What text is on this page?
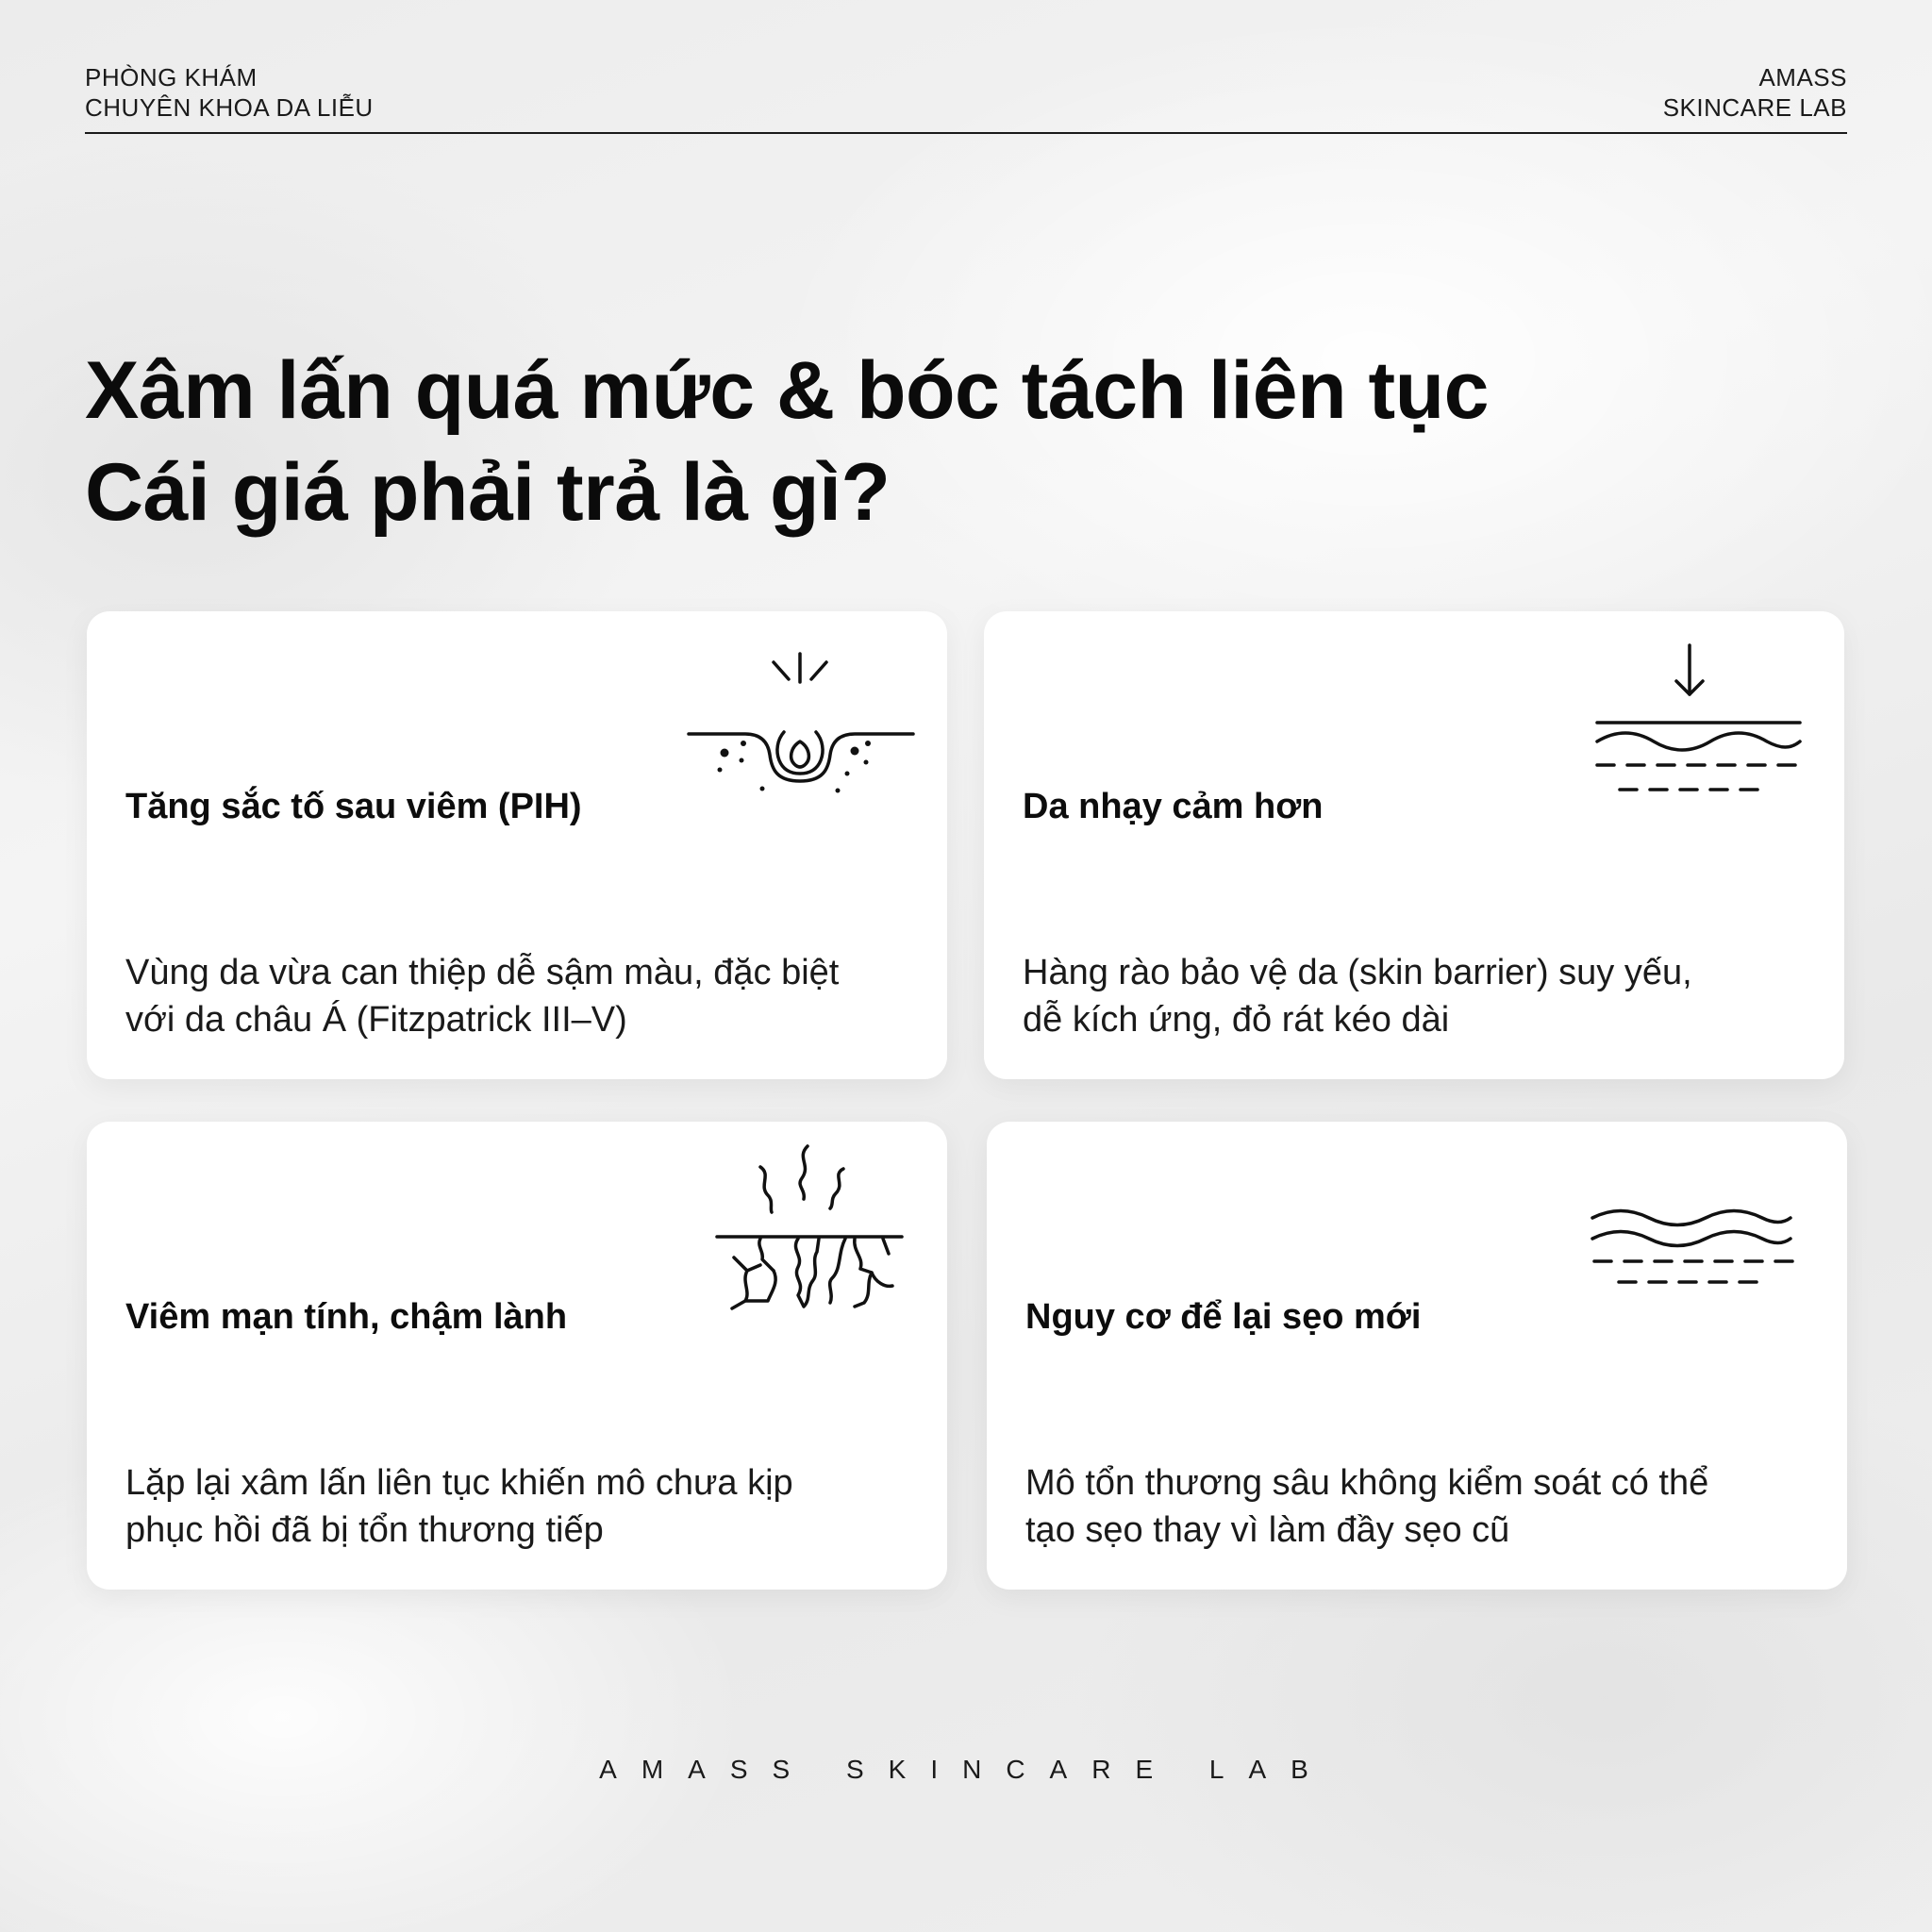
PHÒNG KHÁM
CHUYÊN KHOA DA LIỄU
AMASS
SKINCARE LAB
Xâm lấn quá mức & bóc tách liên tục
Cái giá phải trả là gì?
Tăng sắc tố sau viêm (PIH)
Vùng da vừa can thiệp dễ sậm màu, đặc biệt
với da châu Á (Fitzpatrick III–V)
Da nhạy cảm hơn
Hàng rào bảo vệ da (skin barrier) suy yếu,
dễ kích ứng, đỏ rát kéo dài
Viêm mạn tính, chậm lành
Lặp lại xâm lấn liên tục khiến mô chưa kịp
phục hồi đã bị tổn thương tiếp
Nguy cơ để lại sẹo mới
Mô tổn thương sâu không kiểm soát có thể
tạo sẹo thay vì làm đầy sẹo cũ
AMASS SKINCARE LAB
